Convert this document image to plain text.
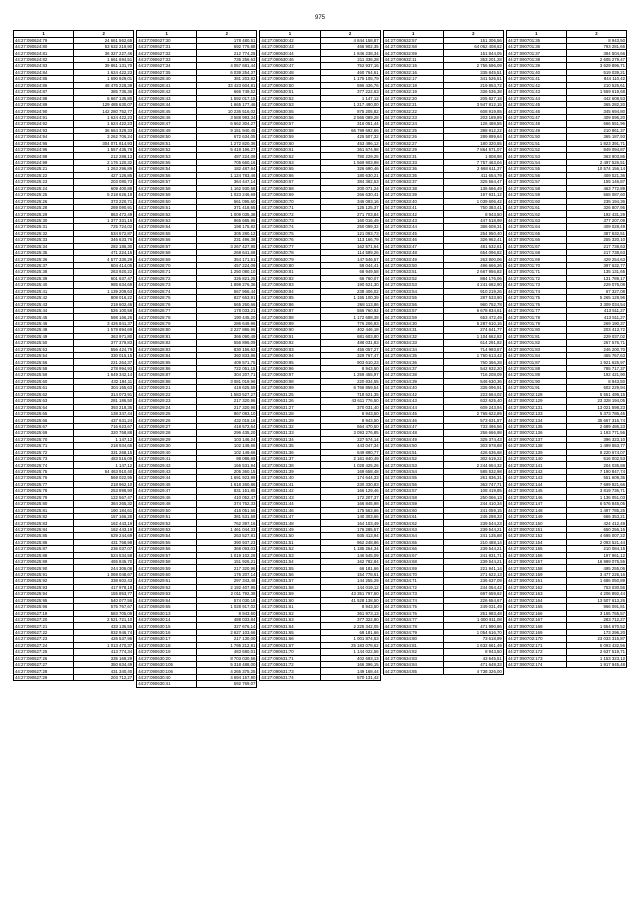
975
1	2
44:27:090624:79	24 661 562,65
44:27:090624:80	53 632 219,90
44:27:090624:81	36 327 227,46
44:27:090624:82	1 661 694,51
44:27:090624:83	39 861 131,70
44:27:090624:84	1 624 422,23
44:27:090624:85	1 690 929,01
44:27:090624:86	48 475 228,39
44:27:090624:87	385 735,36
44:27:090624:88	6 667 135,80
44:27:090624:89	129 485 630,07
44:27:090624:90	142 280 752,77
44:27:090624:91	1 624 422,23
44:27:090624:92	1 624 422,23
44:27:090624:93	36 664 329,33
44:27:090624:94	3 262 706,24
44:27:090624:95	304 071 814,93
44:27:090624:96	1 557 435,78
44:27:090624:98	212 288,13
44:27:090624:99	2 176 120,32
44:27:090625:21	1 263 296,89
44:27:090625:22	427 126,85
44:27:090625:23	203 080,73
44:27:090625:24	609 400,88
44:27:090625:25	5 218 626,18
44:27:090625:26	373 220,71
44:27:090625:28	289 090,91
44:27:090625:29	863 472,49
44:27:090625:30	1 377 331,16
44:27:090625:31	725 724,02
44:27:090625:32	534 572,87
44:27:090625:33	346 633,76
44:27:090625:34	282 186,30
44:27:090625:35	471 224,16
44:27:090625:36	4 577 330,29
44:27:090625:37	604 414,05
44:27:090625:38	263 920,22
44:27:090625:39	601 637,47
44:27:090625:40	985 634,69
44:27:090625:41	1 139 209,63
44:27:090625:42	808 016,22
44:27:090625:43	219 602,46
44:27:090625:44	526 100,58
44:27:090625:45	598 166,26
44:27:090625:46	3 426 841,37
44:27:090625:48	1 579 894,69
44:27:090625:49	363 971,80
44:27:090625:50	377 379,83
44:27:090625:53	556 424,79
44:27:090625:54	330 015,15
44:27:090625:56	221 264,37
44:27:090625:58	278 994,93
44:27:090625:59	1 649 342,14
44:27:090625:60	432 194,11
44:27:090625:61	304 155,63
44:27:090625:62	314 073,91
44:27:090625:63	281 186,50
44:27:090625:64	393 218,35
44:27:090625:65	138 347,44
44:27:090625:66	437 631,24
44:27:090625:67	716 623,67
44:27:090625:69	320 758,88
44:27:090625:70	1 147,12
44:27:090625:71	218 934,65
44:27:090625:72	331 268,15
44:27:090625:73	483 516,09
44:27:090625:74	1 147,12
44:27:090625:75	54 463 910,40
44:27:090625:76	569 022,95
44:27:090625:77	218 962,10
44:27:090625:78	253 898,90
44:27:090625:79	122 567,47
44:27:090625:80	384 265,32
44:27:090625:81	190 184,61
44:27:090625:82	157 166,28
44:27:090625:83	162 443,19
44:27:090625:84	162 443,19
44:27:090625:85	629 244,69
44:27:090625:86	431 768,98
44:27:090625:87	236 037,07
44:27:090625:88	524 534,58
44:27:090625:89	465 845,70
44:27:090625:90	244 306,08
44:27:090625:91	1 069 048,67
44:27:090625:92	338 602,43
44:27:090625:93	417 978,18
44:27:090625:94	155 853,77
44:27:090625:95	540 077,56
44:27:090625:96	575 767,67
44:27:090627:19	583 705,09
44:27:090627:20	2 521 721,10
44:27:090627:21	433 136,55
44:27:090627:22	832 946,74
44:27:090627:23	426 537,96
44:27:090627:24	1 013 470,37
44:27:090627:25	413 774,34
44:27:090627:26	335 169,29
44:27:090627:27	350 634,49
44:27:090627:28	431 340,40
44:27:090627:29	203 712,27
1	2
44:27:090627:30	178 480,51
44:27:090627:31	692 776,88
44:27:090627:32	212 774,25
44:27:090627:33	735 256,63
44:27:090627:34	4 057 681,44
44:27:090627:35	6 039 254,37
44:27:090628:40	381 203,82
44:27:090628:41	33 423 604,81
44:27:090628:42	666 749,52
44:27:090628:43	1 592 017,15
44:27:090628:44	1 665 177,46
44:27:090628:45	10 236 516,02
44:27:090628:46	3 588 993,34
44:27:090628:47	6 662 304,27
44:27:090628:49	9 151 940,45
44:27:090628:50	672 634,05
44:27:090628:51	1 272 820,36
44:27:090628:52	5 418 196,27
44:27:090628:53	487 224,09
44:27:090628:55	705 660,16
44:27:090628:54	182 487,64
44:27:090628:56	1 124 783,46
44:27:090628:57	364 447,14
44:27:090628:58	1 162 930,58
44:27:090628:59	1 023 246,69
44:27:090628:60	561 095,60
44:27:090628:61	371 418,65
44:27:090628:62	1 009 035,38
44:27:090628:63	965 685,96
44:27:090628:64	198 175,82
44:27:090628:65	305 280,12
44:27:090628:66	231 496,38
44:27:090628:67	3 267 427,95
44:27:090628:68	268 641,68
44:27:090628:69	354 171,51
44:27:090628:70	457 224,09
44:27:090628:71	1 250 080,10
44:27:090628:72	326 821,25
44:27:090628:73	1 899 276,36
44:27:090628:74	567 966,44
44:27:090628:75	827 663,91
44:27:090628:76	565 260,66
44:27:090628:77	178 033,21
44:27:090628:78	190 445,20
44:27:090628:79	286 649,96
44:27:090628:80	2 227 886,96
44:27:090628:81	366 090,49
44:27:090628:82	556 896,09
44:27:090628:83	830 156,62
44:27:090628:84	360 833,86
44:27:090628:85	409 571,75
44:27:090628:86	722 051,15
44:27:090628:87	304 207,71
44:27:090628:88	3 081 019,96
44:27:090629:21	419 625,59
44:27:090629:22	1 583 527,27
44:27:090629:23	217 320,96
44:27:090629:24	217 320,96
44:27:090629:25	867 083,10
44:27:090629:26	432 019,16
44:27:090629:27	418 572,64
44:27:090629:28	296 435,20
44:27:090629:29	103 146,24
44:27:090629:30	102 149,66
44:27:090629:40	102 149,66
44:27:090629:41	98 086,69
44:27:090629:42	166 531,94
44:27:090629:43	205 360,15
44:27:090629:44	1 691 923,99
44:27:090629:45	1 618 260,86
44:27:090629:47	831 151,85
44:27:090629:46	410 052,47
44:27:090629:48	374 752,33
44:27:090629:50	416 051,56
44:27:090629:51	381 531,59
44:27:090629:52	762 397,16
44:27:090629:53	1 461 044,33
44:27:090629:54	263 527,81
44:27:090629:55	390 937,23
44:27:090629:56	368 093,03
44:27:090629:57	1 019 102,28
44:27:090629:58	151 926,21
44:27:090629:59	217 320,96
44:27:090629:60	176 207,14
44:27:090629:61	297 343,48
44:27:090629:62	2 192 407,95
44:27:090629:63	2 011 792,38
44:27:090629:64	574 030,18
44:27:090629:65	1 028 917,02
44:27:090630:13	8 943,50
44:27:090630:14	488 033,84
44:27:090630:15	327 676,14
44:27:090630:16	2 627 103,66
44:27:090630:17	217 130,00
44:27:090630:18	1 795 212,81
44:27:090630:19	483 680,01
44:27:090630:20	8 703 030,56
44:27:090630:105	5 318 488,00
44:27:090630:106	4 265 375,25
44:27:090630:40	4 694 157,80
44:27:090630:41	592 769,07
1	2
44:27:090630:42	4 844 158,87
44:27:090630:43	466 902,35
44:27:090630:44	1 846 238,34
44:27:090630:46	211 336,28
44:27:090630:47	752 937,16
44:27:090630:48	460 764,61
44:27:090630:49	1 175 105,79
44:27:090630:50	596 436,76
44:27:090630:51	377 222,63
44:27:090630:52	1 147,12
44:27:090630:53	1 217 490,00
44:27:090630:55	875 205,82
44:27:090630:56	2 565 089,28
44:27:090630:57	316 051,44
44:27:090630:58	66 799 692,66
44:27:090630:59	425 507,32
44:27:090630:60	453 496,12
44:27:090630:61	361 574,98
44:27:090630:62	780 229,25
44:27:090630:63	1 569 903,98
44:27:090630:65	326 690,46
44:27:090630:66	180 630,21
44:27:090630:67	384 382,53
44:27:090630:68	200 071,24
44:27:090630:69	266 630,41
44:27:090630:70	346 093,16
44:27:090630:71	125 125,37
44:27:090630:72	271 703,84
44:27:090630:73	160 016,49
44:27:090630:74	250 099,32
44:27:090630:75	121 093,73
44:27:090630:76	113 166,79
44:27:090630:77	162 571,64
44:27:090630:78	114 599,26
44:27:090630:79	147 546,57
44:27:090630:80	58 044,41
44:27:090630:81	68 949,58
44:27:090630:82	66 760,07
44:27:090630:83	190 521,30
44:27:090630:84	238 406,02
44:27:090630:85	1 155 100,39
44:27:090630:86	268 113,86
44:27:090630:87	556 760,92
44:27:090630:88	1 172 698,38
44:27:090630:89	776 206,93
44:27:090630:90	402 446,18
44:27:090630:91	681 603,80
44:27:090630:92	488 031,83
44:27:090630:93	455 057,27
44:27:090630:94	329 767,47
44:27:090630:95	903 610,23
44:27:090630:96	8 943,50
44:27:090630:97	1 259 455,97
44:27:090630:98	220 834,55
44:27:090630:99	6 766 859,54
44:27:090631:25	718 621,35
44:27:090631:26	43 611 776,50
44:27:090631:27	370 031,40
44:27:090631:28	8 943,50
44:27:090631:29	8 943,50
44:27:090631:32	664 470,50
44:27:090631:33	3 093 276,85
44:27:090631:34	227 574,14
44:27:090631:35	443 047,34
44:27:090631:36	649 890,77
44:27:090631:37	2 161 840,49
44:27:090631:38	1 028 425,26
44:27:090631:39	169 658,48
44:27:090631:40	174 644,33
44:27:090631:41	230 330,83
44:27:090631:42	166 129,46
44:27:090631:43	172 207,37
44:27:090631:44	166 845,98
44:27:090631:46	175 563,66
44:27:090631:47	140 303,66
44:27:090631:48	164 103,49
44:27:090631:49	176 285,57
44:27:090631:50	935 413,94
44:27:090631:51	962 248,86
44:27:090631:52	1 185 264,34
44:27:090631:53	146 545,09
44:27:090631:54	162 782,84
44:27:090631:55	66 181,66
44:27:090631:56	154 778,61
44:27:090631:57	144 255,29
44:27:090631:58	144 019,12
44:27:090631:59	43 351 797,50
44:27:090631:60	41 528 138,50
44:27:090631:61	8 943,50
44:27:090631:62	361 973,13
44:27:090631:63	377 322,80
44:27:090631:64	2 225 342,05
44:27:090631:65	68 181,66
44:27:090631:66	1 001 874,53
44:27:090631:67	25 183 078,62
44:27:090631:70	1 144 022,56
44:27:090631:71	402 693,13
44:27:090631:72	166 396,15
44:27:090631:73	149 168,44
44:27:090631:74	570 131,42
1	2
44:27:090632:57	151 306,56
44:27:090632:68	64 062 408,62
44:27:090632:69	151 844,05
44:27:090632:11	353 201,28
44:27:090632:15	2 756 596,09
44:27:090632:16	335 845,51
44:27:090632:17	341 526,51
44:27:090632:18	219 853,72
44:27:090632:19	336 536,38
44:27:090632:20	205 827,18
44:27:090632:21	3 947 812,15
44:27:090632:22	608 919,85
44:27:090632:23	203 189,89
44:27:090632:24	126 488,55
44:27:090632:25	398 912,22
44:27:090632:26	289 899,64
44:27:090632:27	180 320,55
44:27:090632:29	7 864 571,07
44:27:090633:31	1 808,98
44:27:090633:33	7 757 463,04
44:27:090633:36	2 668 611,37
44:27:090633:35	411 654,79
44:27:090633:37	325 564,47
44:27:090633:38	136 666,49
44:27:090633:39	197 931,12
44:27:090633:40	1 039 606,42
44:27:090633:41	750 383,41
44:27:090633:42	8 943,50
44:27:090633:43	447 518,99
44:27:090633:44	386 608,31
44:27:090633:45	254 950,40
44:27:090633:46	326 962,41
44:27:090633:47	481 632,61
44:27:090633:48	654 096,82
44:27:090633:49	263 800,06
44:27:090633:50	496 666,26
44:27:090633:51	2 667 956,82
44:27:090633:52	884 176,06
44:27:090633:53	4 241 682,90
44:27:090633:54	910 219,26
44:27:090633:55	287 533,90
44:27:090633:56	960 752,78
44:27:090633:57	6 678 834,61
44:27:090633:59	653 472,49
44:27:090634:30	5 287 610,16
44:27:090634:31	274 641,77
44:27:090634:32	1 104 662,82
44:27:090634:33	614 291,82
44:27:090634:34	714 993,57
44:27:090634:35	1 760 613,42
44:27:090634:36	760 366,28
44:27:090634:37	542 932,20
44:27:090634:38	716 208,09
44:27:090634:39	546 630,36
44:27:090634:40	335 096,91
44:27:090634:42	223 664,02
44:27:090634:43	632 625,40
44:27:090634:44	609 243,94
44:27:090634:45	2 765 622,89
44:27:090634:46	573 631,87
44:27:090634:47	733 496,56
44:27:090634:48	256 666,98
44:27:090634:49	325 374,43
44:27:090634:50	303 978,88
44:27:090634:51	426 636,68
44:27:090634:52	302 619,22
44:27:090634:53	2 244 654,32
44:27:090634:54	585 532,98
44:27:090634:55	261 836,31
44:27:090634:56	363 747,71
44:27:090634:57	108 419,85
44:27:090634:58	250 066,13
44:27:090634:59	244 410,34
44:27:090634:60	241 059,15
44:27:090634:61	246 298,33
44:27:090634:62	239 544,23
44:27:090634:63	239 544,21
44:27:090634:64	241 135,88
44:27:090634:65	210 488,14
44:27:090634:66	239 544,21
44:27:090634:67	241 831,71
44:27:090634:68	239 544,21
44:27:090634:69	221 941,14
44:27:090634:70	271 622,13
44:27:090634:71	236 637,09
44:27:090634:72	244 054,42
44:27:090634:73	697 659,62
44:27:090634:74	226 654,67
44:27:090634:75	249 031,49
44:27:090634:76	251 983,48
44:27:090634:77	1 000 911,08
44:27:090634:78	471 990,86
44:27:090634:79	1 054 616,70
44:27:090634:80	73 618,99
44:27:090634:81	1 632 661,49
44:27:090634:82	8 943,50
44:27:090634:83	43 645,51
44:27:090634:84	471 648,33
44:27:090634:85	4 738 326,00
1	2
44:27:090701:35	8 943,50
44:27:090701:36	793 281,66
44:27:090701:37	384 504,66
44:27:090701:38	2 605 279,47
44:27:090701:39	3 629 896,71
44:27:090701:40	519 039,21
44:27:090701:41	844 110,42
44:27:090701:42	210 526,61
44:27:090701:43	1 569 619,68
44:27:090701:44	442 608,53
44:27:090701:45	365 282,20
44:27:090701:46	345 694,80
44:27:090701:47	409 596,20
44:27:090701:48	666 551,96
44:27:090701:49	210 861,37
44:27:090701:50	365 187,93
44:27:090701:51	1 823 391,71
44:27:090701:52	849 094,87
44:27:090701:53	363 903,86
44:27:090701:54	2 497 526,51
44:27:090701:55	10 574 156,14
44:27:090701:56	409 521,36
44:27:090701:57	155 146,87
44:27:090701:58	463 772,89
44:27:090701:59	568 087,60
44:27:090701:60	235 194,36
44:27:090701:61	326 807,95
44:27:090701:62	192 431,29
44:27:090701:63	377 207,09
44:27:090701:64	409 028,49
44:27:090701:65	387 632,51
44:27:090701:66	255 320,10
44:27:090701:67	217 738,63
44:27:090701:68	217 738,63
44:27:090701:69	429 254,63
44:27:090701:70	397 632,77
44:27:090701:71	135 131,65
44:27:090701:72	131 789,17
44:27:090701:73	229 076,08
44:27:090701:74	67 327,08
44:27:090701:75	5 265 128,96
44:27:090701:76	3 309 034,54
44:27:090701:77	413 511,27
44:27:090701:78	413 511,27
44:27:090701:79	269 190,37
44:27:090701:80	203 413,72
44:27:090701:81	229 037,02
44:27:090701:82	267 576,71
44:27:090701:83	246 200,70
44:27:090701:84	455 767,63
44:27:090701:87	1 921 625,97
44:27:090701:88	785 717,37
44:27:090701:89	192 421,90
44:27:090701:90	8 943,50
44:27:090701:91	602 229,94
44:27:090702:128	5 551 499,15
44:27:090702:129	23 328 194,05
44:27:090702:131	13 021 598,23
44:27:090702:133	5 373 786,45
44:27:090702:134	35 667 316,74
44:27:090702:135	2 689 486,23
44:27:090702:136	1 193 771,56
44:27:090702:137	396 323,10
44:27:090702:138	1 499 553,77
44:27:090702:139	8 220 674,07
44:27:090702:140	516 002,53
44:27:090702:141	204 035,88
44:27:090702:142	7 190 847,74
44:27:090702:143	551 609,36
44:27:090702:144	7 699 821,66
44:27:090702:145	3 819 736,71
44:27:090702:146	1 136 051,03
44:27:090702:147	6 576 845,05
44:27:090702:148	1 497 785,25
44:27:090702:149	666 353,21
44:27:090702:150	424 412,49
44:27:090702:151	650 256,15
44:27:090702:152	4 695 007,22
44:27:090702:154	2 093 521,44
44:27:090702:155	210 084,15
44:27:090702:156	197 961,12
44:27:090702:157	16 999 075,55
44:27:090702:158	495 255,06
44:27:090702:159	3 477 226,16
44:27:090702:161	1 686 050,89
44:27:090702:162	753 030,56
44:27:090702:163	4 206 892,44
44:27:090702:164	13 507 613,26
44:27:090702:165	966 091,81
44:27:090702:166	3 165 755,57
44:27:090702:167	283 712,27
44:27:090702:168	1 554 670,52
44:27:090702:169	173 296,20
44:27:090702:170	23 033 315,87
44:27:090702:171	5 093 432,56
44:27:090702:172	2 637 519,71
44:27:090702:173	1 153 323,12
44:27:090702:174	1 917 945,48
